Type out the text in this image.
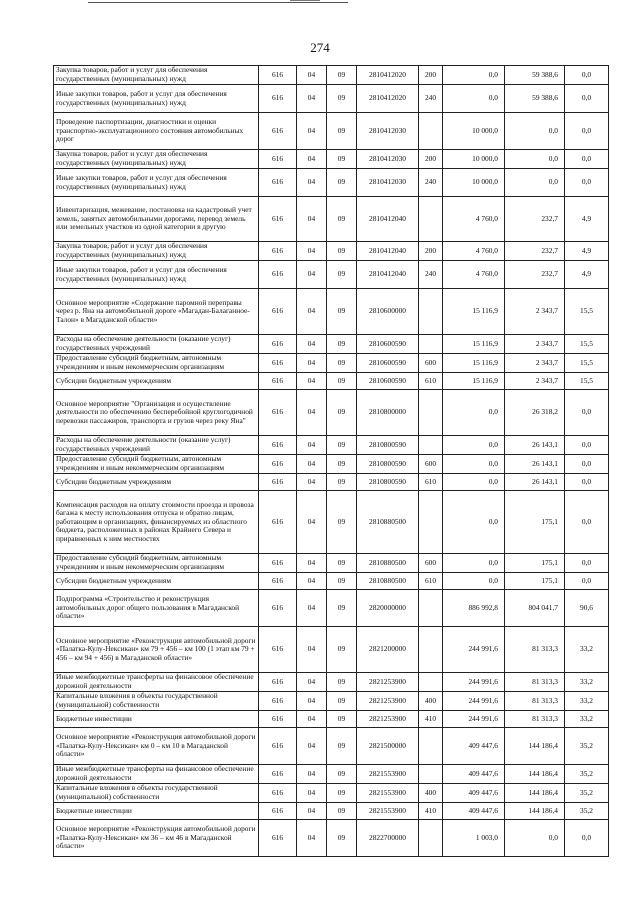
274
Закупка товаров, работ и услуг для обеспечения государственных (муниципальных) нужд	616	04	09	2810412020	200	0,0	59 388,6	0,0
Иные закупки товаров, работ и услуг для обеспечения государственных (муниципальных) нужд	616	04	09	2810412020	240	0,0	59 388,6	0,0
Проведение паспортизации, диагностики и оценки транспортно-эксплуатационного состояния автомобильных дорог	616	04	09	2810412030		10 000,0	0,0	0,0
Закупка товаров, работ и услуг для обеспечения государственных (муниципальных) нужд	616	04	09	2810412030	200	10 000,0	0,0	0,0
Иные закупки товаров, работ и услуг для обеспечения государственных (муниципальных) нужд	616	04	09	2810412030	240	10 000,0	0,0	0,0
Инвентаризация, межевание, постановка на кадастровый учет земель, занятых автомобильными дорогами, перевод земель или земельных участков из одной категории в другую	616	04	09	2810412040		4 760,0	232,7	4,9
Закупка товаров, работ и услуг для обеспечения государственных (муниципальных) нужд	616	04	09	2810412040	200	4 760,0	232,7	4,9
Иные закупки товаров, работ и услуг для обеспечения государственных (муниципальных) нужд	616	04	09	2810412040	240	4 760,0	232,7	4,9
Основное мероприятие «Содержание паромной переправы через р. Яна на автомобильной дороге «Магадан-Балаганное-Талон» в Магаданской области»	616	04	09	2810600000		15 116,9	2 343,7	15,5
Расходы на обеспечение деятельности (оказание услуг) государственных учреждений	616	04	09	2810600590		15 116,9	2 343,7	15,5
Предоставление субсидий бюджетным, автономным учреждениям и иным некоммерческим организациям	616	04	09	2810600590	600	15 116,9	2 343,7	15,5
Субсидии бюджетным учреждениям	616	04	09	2810600590	610	15 116,9	2 343,7	15,5
Основное мероприятие "Организация и осуществление деятельности по обеспечению бесперебойной круглогодичной перевозки пассажиров, транспорта и грузов через реку Яна"	616	04	09	2810800000		0,0	26 318,2	0,0
Расходы на обеспечение деятельности (оказание услуг) государственных учреждений	616	04	09	2810800590		0,0	26 143,1	0,0
Предоставление субсидий бюджетным, автономным учреждениям и иным некоммерческим организациям	616	04	09	2810800590	600	0,0	26 143,1	0,0
Субсидии бюджетным учреждениям	616	04	09	2810800590	610	0,0	26 143,1	0,0
Компенсация расходов на оплату стоимости проезда и провоза багажа к месту использования отпуска и обратно лицам, работающим в организациях, финансируемых из областного бюджета, расположенных в районах Крайнего Севера и приравненных к ним местностях	616	04	09	2810880500		0,0	175,1	0,0
Предоставление субсидий бюджетным, автономным учреждениям и иным некоммерческим организациям	616	04	09	2810880500	600	0,0	175,1	0,0
Субсидии бюджетным учреждениям	616	04	09	2810880500	610	0,0	175,1	0,0
Подпрограмма «Строительство и реконструкция автомобильных дорог общего пользования в Магаданской области»	616	04	09	2820000000		886 992,8	804 041,7	90,6
Основное мероприятие «Реконструкция автомобильной дороги «Палатка-Кулу-Нексикан» км 79 + 456 – км 100 (1 этап км 79 + 456 – км 94 + 456) в Магаданской области»	616	04	09	2821200000		244 991,6	81 313,3	33,2
Иные межбюджетные трансферты на финансовое обеспечение дорожной деятельности	616	04	09	2821253900		244 991,6	81 313,3	33,2
Капитальные вложения в объекты государственной (муниципальной) собственности	616	04	09	2821253900	400	244 991,6	81 313,3	33,2
Бюджетные инвестиции	616	04	09	2821253900	410	244 991,6	81 313,3	33,2
Основное мероприятие «Реконструкция автомобильной дороги «Палатка-Кулу-Нексикан» км 0 – км 10 в Магаданской области»	616	04	09	2821500000		409 447,6	144 186,4	35,2
Иные межбюджетные трансферты на финансовое обеспечение дорожной деятельности	616	04	09	2821553900		409 447,6	144 186,4	35,2
Капитальные вложения в объекты государственной (муниципальной) собственности	616	04	09	2821553900	400	409 447,6	144 186,4	35,2
Бюджетные инвестиции	616	04	09	2821553900	410	409 447,6	144 186,4	35,2
Основное мероприятие «Реконструкция автомобильной дороги «Палатка-Кулу-Нексикан» км 36 – км 46 в Магаданской области»	616	04	09	2822700000		1 003,0	0,0	0,0
